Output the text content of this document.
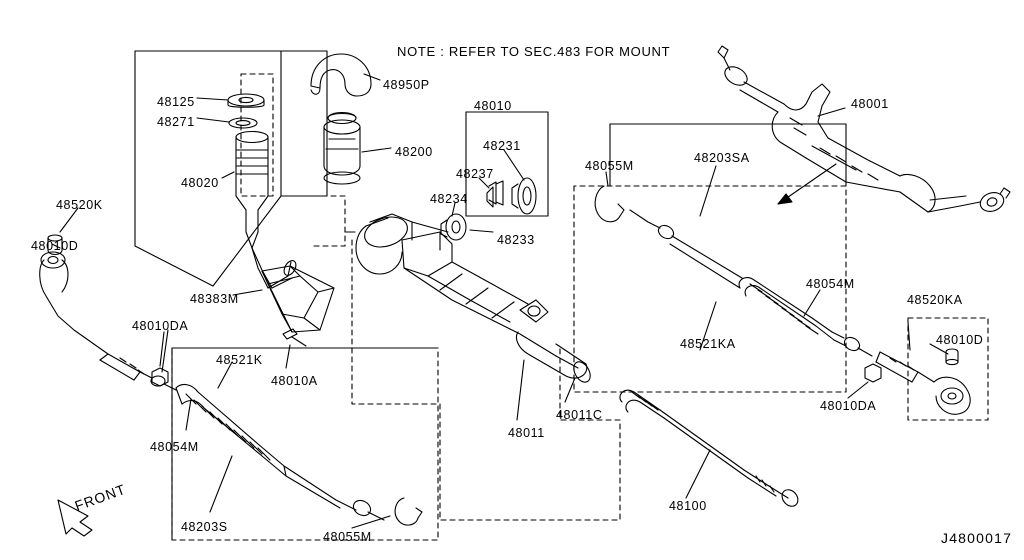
NOTE : REFER TO SEC.483 FOR MOUNT
J4800017
FRONT
48125
48271
48020
48950P
48200
48010
48231
48237
48234
48233
48001
48055M
48203SA
48054M
48521KA
48520KA
48010D
48010DA
48520K
48010D
48010DA
48383M
48521K
48010A
48054M
48203S
48055M
48011
48011C
48100
